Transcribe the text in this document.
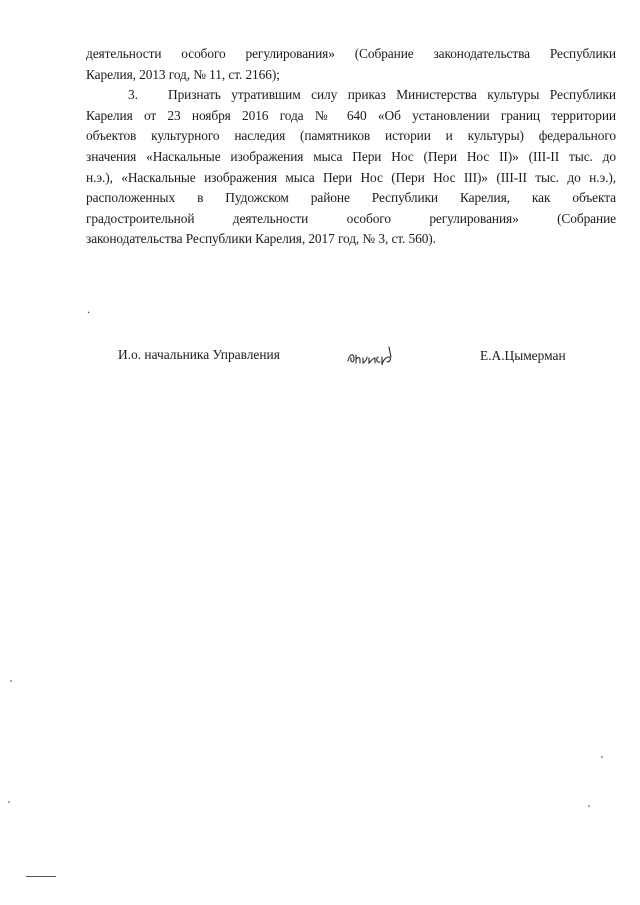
деятельности особого регулирования» (Собрание законодательства Республики
Карелия, 2013 год, № 11, ст. 2166);
3. Признать утратившим силу приказ Министерства культуры Республики
Карелия от 23 ноября 2016 года № 640 «Об установлении границ территории
объектов культурного наследия (памятников истории и культуры) федерального
значения «Наскальные изображения мыса Пери Нос (Пери Нос II)» (III-II тыс. до
н.э.), «Наскальные изображения мыса Пери Нос (Пери Нос III)» (III-II тыс. до н.э.),
расположенных в Пудожском районе Республики Карелия, как объекта
градостроительной деятельности особого регулирования» (Собрание
законодательства Республики Карелия, 2017 год, № 3, ст. 560).
.
И.о. начальника Управления	Е.А.Цымерман
